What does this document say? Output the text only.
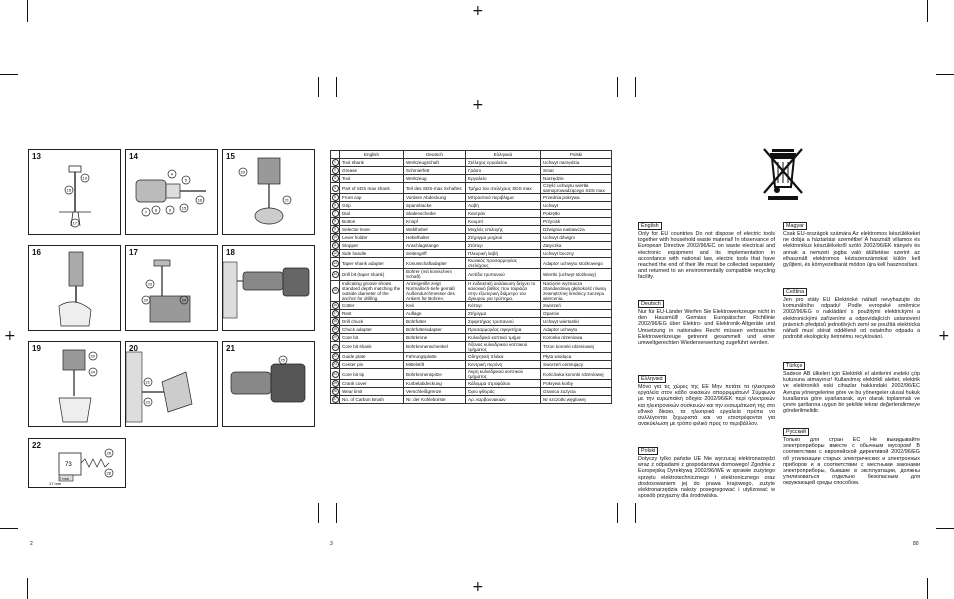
+
+
+
+	+
13
16
17
19
14
4
5
7 8	9	15
16
15
20
21
16	17
23
20	24
18
19
20
24
20
21
23
21
25
22
26
28
73
7 mm
17 mm
	English	Deutsch	Ελληνικά	Polski
1	Tool shank	Werkzeugschaft	Στέλεχος εργαλείου	Uchwyt narzędzia
2	Grease	Schmierfett	Γράσο	Smar
3	Tool	Werkzeug	Εργαλείο	Narzędzie
4	Part of SDS max shank	Teil des SDS-max Schaftes	Τμήμα του στελέχους SDS max	Część uchwytu wiertła samoprowadzącego SDS max
5	Front cap	Vordere Abdeckung	Μπροστινό περιβλημα	Przednia pokrywa
6	Grip	Spannbacke	Λαβή	Uchwyt
7	Dial	Skalenscheibe	Καντράν	Pokrętło
8	Button	Knopf	Κουμπί	Przycisk
9	Selector lever	Wahlhebel	Μοχλός επιλογής	Dźwignia nastawcza
10	Lever holder	Hebelhalter	Στήριγμα μοχλού	Uchwyt dźwigni
11	Stopper	Anschlagstange	Στόπερ	Zatyczka
12	Side handle	Seitengriff	Πλευρική λαβή	Uchwyt boczny
13	Taper shank adapter	Konusschaftadapter	Κωνικός προσαρμογέας στελέχους	Adaptor uchwytu stożkowego
14	Drill bit (taper shank)	Bohrer (mit konischem Schaft)	Λεπίδα τρυπανιού	Wiertło (uchwyt stożkowy)
15	Indicating groove shows standard depth matching the outside diameter of the anchor for drilling.	Anzeigerille zeigt Normalloch-tiefe gemäß Außendurchmesser des Ankers für Bohren.	Η ενδεικτική αυλάκωση δείχνει το κανονικό βάθος που ταιριάζει στην εξωτερική διάμετρο του άγκυρου για τρύπημα.	Nacięcie wyznacza Standardową głębokość równą zewnętrznej średnicy zaczepu wiercenia.
16	Cotter	Keil	Κόττερ	Sworzeń
17	Rest	Auflage	Στήριγμα	Oparcie
18	Drill chuck	Bohrfutter	Σφιγκτήρας τρυπανιού	Uchwyt wiertarski
19	Chuck adapter	Bohrfutteradapter	Προσαρμογέας σφιγκτήρα	Adaptor uchwytu
20	Core bit	Bohrkrone	Κυλινδρικό κοπτικό τμήμα	Koronka rdzeniowa
21	Core bit shank	Bohrkronenschenkel	Άξονας κυλινδρικού κοπτικού τμήματος	Trzon koronki rdzeniowej
22	Guide plate	Führungsplatte	Οδηγητική πλάκα	Płyta wiodąca
23	Center pin	Mittelstift	Κεντρική περόνη	Sworzeń centrujący
24	Core bit tip	Bohrkronenspitze	Άκρη κυλινδρικού κοπτικού τμήματος	Końcówka koronki rdzeniowej
25	Crank cover	Kurbelabdeckung	Κάλυμμα στροφάλου	Pokrywa korby
26	Wear limit	Verschleißgrenze	Όριο φθοράς	Granica zużycia
27	No. of Carbon Brush	Nr. der Kohlebürste	Αρ. καρβουνακιών	Nr szczotki węglowej
English

Only for EU countries Do not dispose of electric tools together with household waste material! In observance of European Directive 2002/96/EC on waste electrical and electronic equipment and its implementation in accordance with national law, electric tools that have reached the end of their life must be collected separately and returned to an environmentally compatible recycling facility.

Deutsch

Nur für EU-Länder Werfen Sie Elektrowerkzeuge nicht in den Hausmüll! Gemäss Europäischer Richtlinie 2002/96/EG über Elektro- und Elektronik-Altgeräte und Umsetzung in nationales Recht müssen verbrauchte Elektrowerkzeuge getrennt gesammelt und einer umweltgerechten Wiederverwertung zugeführt werden.

Ελληνικά

Μόνο για τις χώρες της ΕΕ Μην πετάτε τα ηλεκτρικά εργαλεία στον κάδο οικιακών απορριμμάτων! Σύμφωνα με την ευρωπαϊκή οδηγία 2002/96/ΕΚ περί ηλεκτρικών και ηλεκτρονικών συσκευών και την ενσωμάτωσή της στο εθνικό δίκαιο, τα ηλεκτρικά εργαλεία πρέπει να συλλέγονται ξεχωριστά και να επιστρέφονται για ανακύκλωση με τρόπο φιλικό προς το περιβάλλον.

Polski

Dotyczy tylko państw UE Nie wyrzucaj elektronarzędzi wraz z odpadami z gospodarstwa domowego! Zgodnie z Europejską Dyrektywą 2002/96/WE w sprawie zużytego sprzętu elektrotechnicznego i elektronicznego oraz dostosowaniem jej do prawa krajowego, zużyte elektronarzędzia należy posegregować i utylizować w sposób przyjazny dla środowiska.

Magyar

Csak EU-országok számára Az elektromos készülékeket ne dobja a háztartási szemétbe! A használt villamos és elektronikus készülékekről szóló 2002/96/EK irányelv és annak a nemzeti jogba való átültetése szerint az elhasznált elektromos kéziszerszámokat külön kell gyűjteni, és környezetbarát módon újra kell hasznosítani.

Čeština

Jen pro státy EU Elektrické nářadí nevyhazujte do komunálního odpadu! Podle evropské směrnice 2002/96/EG o nakládání s použitými elektrickými a elektronickými zařízeními a odpovídajících ustanovení právních předpisů jednotlivých zemí se použitá elektrická nářadí musí sbírat odděleně od ostatního odpadu a podrobit ekologicky šetrnému recyklování.

Türkçe

Sadece AB ülkeleri için Elektrikli el aletlerini evdeki çöp kutusuna atmayınız! Kullanılmış elektrikli aletler, elektrik ve elektronikli eski cihazlar hakkındaki 2002/96/EC Avrupa yönergelerine göre ve bu yönergeler ulusal hukuk kurallarına göre uyarlanarak, ayrı olarak toplanmalı ve çevre şartlarına uygun bir şekilde tekrar değerlendirmeye gönderilmelidir.

Русский

Только для стран ЕС Не выкидывайте электроприборы вместе с обычным мусором! В соответствии с европейской директивой 2002/96/EG об утилизации старых электрических и электронных приборов и в соответствии с местными законами электроприборы, бывшие в эксплуатации, должны утилизоваться отдельно безопасным для окружающей среды способом.

2	3	80
